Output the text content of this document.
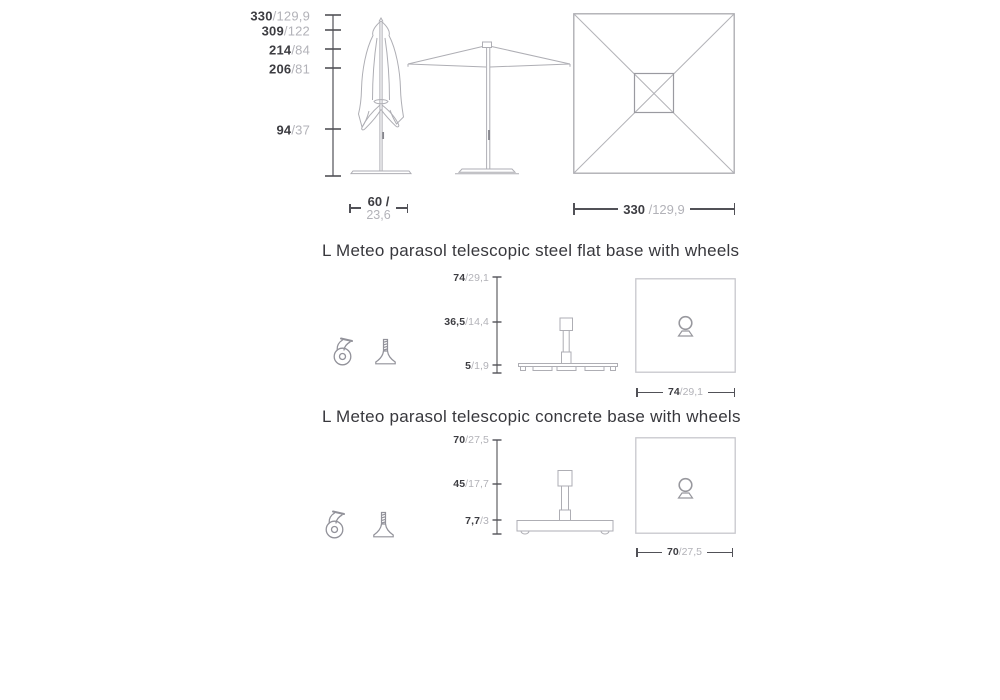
330/129,9
309/122
214/84
206/81
94/37
60 /
23,6	330 /129,9
L Meteo parasol telescopic steel flat base with wheels
74/29,1
36,5/14,4
5/1,9
74/29,1
L Meteo parasol telescopic concrete base with wheels
70/27,5
45/17,7
7,7/3
70/27,5
